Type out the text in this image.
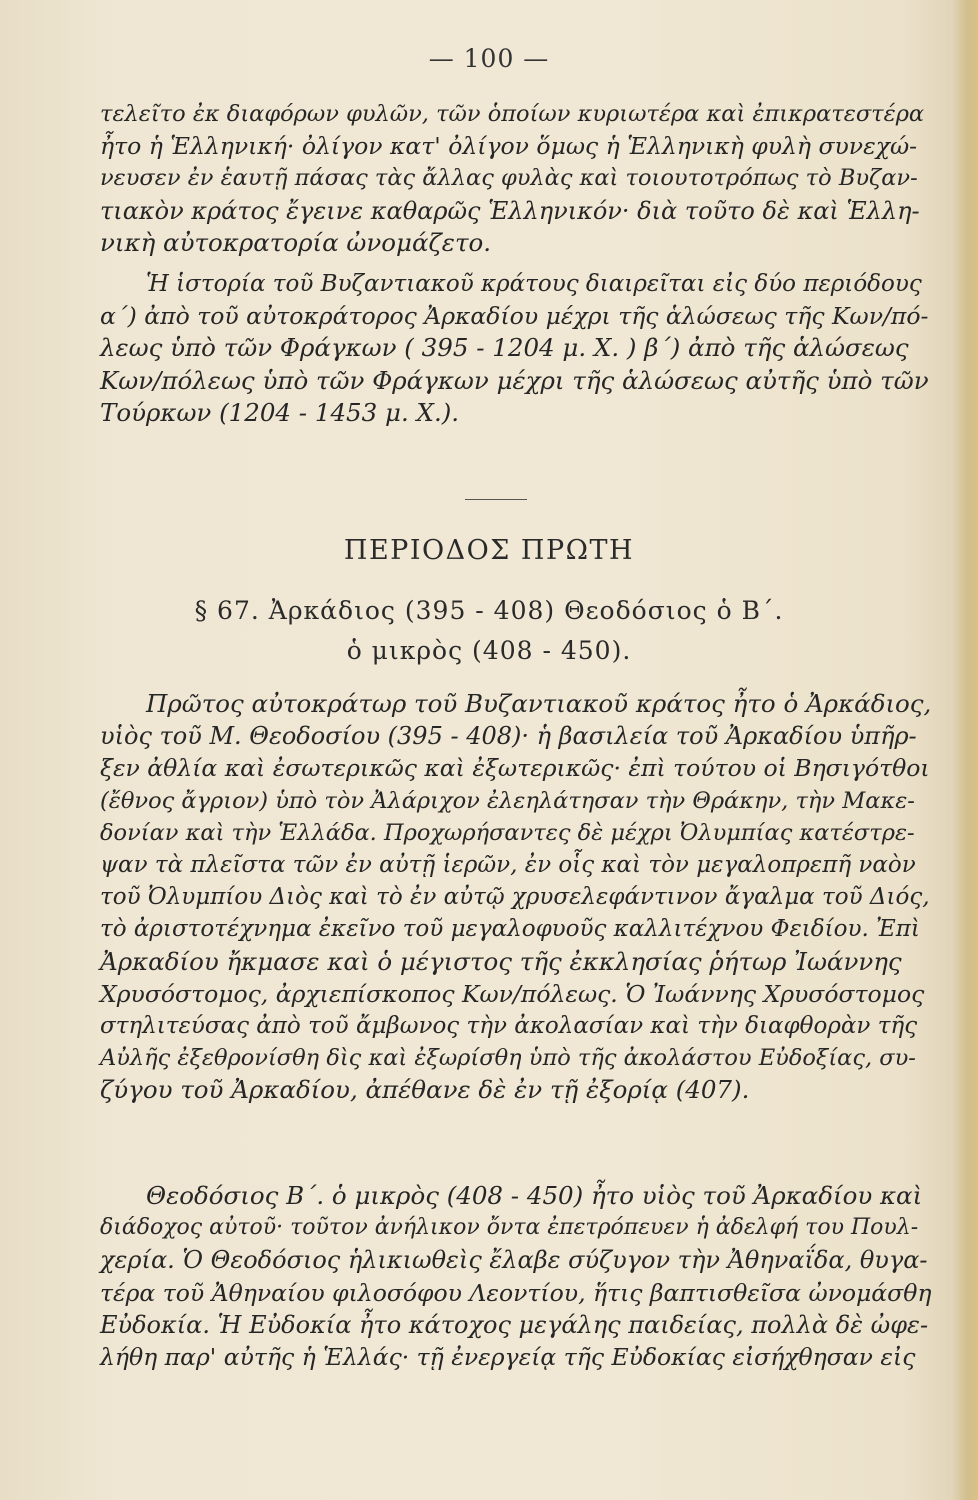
— 100 —
τελεῖτο ἐκ διαφόρων φυλῶν, τῶν ὁποίων κυριωτέρα καὶ ἐπικρατεστέρα
ἦτο ἡ Ἑλληνική· ὀλίγον κατ' ὀλίγον ὅμως ἡ Ἑλληνικὴ φυλὴ συνεχώ-
νευσεν ἐν ἑαυτῇ πάσας τὰς ἄλλας φυλὰς καὶ τοιουτοτρόπως τὸ Βυζαν-
τιακὸν κράτος ἔγεινε καθαρῶς Ἑλληνικόν· διὰ τοῦτο δὲ καὶ Ἑλλη-
νικὴ αὐτοκρατορία ὠνομάζετο.
Ἡ ἱστορία τοῦ Βυζαντιακοῦ κράτους διαιρεῖται εἰς δύο περιόδους
α΄) ἀπὸ τοῦ αὐτοκράτορος Ἀρκαδίου μέχρι τῆς ἁλώσεως τῆς Κων/πό-
λεως ὑπὸ τῶν Φράγκων ( 395 - 1204 μ. Χ. ) β΄) ἀπὸ τῆς ἁλώσεως
Κων/πόλεως ὑπὸ τῶν Φράγκων μέχρι τῆς ἁλώσεως αὐτῆς ὑπὸ τῶν
Τούρκων (1204 - 1453 μ. Χ.).
ΠΕΡΙΟΔΟΣ ΠΡΩΤΗ
§ 67. Ἀρκάδιος (395 - 408) Θεοδόσιος ὁ Β΄.
ὁ μικρὸς (408 - 450).
Πρῶτος αὐτοκράτωρ τοῦ Βυζαντιακοῦ κράτος ἦτο ὁ Ἀρκάδιος,
υἱὸς τοῦ Μ. Θεοδοσίου (395 - 408)· ἡ βασιλεία τοῦ Ἀρκαδίου ὑπῆρ-
ξεν ἀθλία καὶ ἐσωτερικῶς καὶ ἐξωτερικῶς· ἐπὶ τούτου οἱ Βησιγότθοι
(ἔθνος ἄγριον) ὑπὸ τὸν Ἀλάριχον ἐλεηλάτησαν τὴν Θράκην, τὴν Μακε-
δονίαν καὶ τὴν Ἑλλάδα. Προχωρήσαντες δὲ μέχρι Ὀλυμπίας κατέστρε-
ψαν τὰ πλεῖστα τῶν ἐν αὐτῇ ἱερῶν, ἐν οἷς καὶ τὸν μεγαλοπρεπῆ ναὸν
τοῦ Ὀλυμπίου Διὸς καὶ τὸ ἐν αὐτῷ χρυσελεφάντινον ἄγαλμα τοῦ Διός,
τὸ ἀριστοτέχνημα ἐκεῖνο τοῦ μεγαλοφυοῦς καλλιτέχνου Φειδίου. Ἐπὶ
Ἀρκαδίου ἤκμασε καὶ ὁ μέγιστος τῆς ἐκκλησίας ῥήτωρ Ἰωάννης
Χρυσόστομος, ἀρχιεπίσκοπος Κων/πόλεως. Ὁ Ἰωάννης Χρυσόστομος
στηλιτεύσας ἀπὸ τοῦ ἄμβωνος τὴν ἀκολασίαν καὶ τὴν διαφθορὰν τῆς
Αὐλῆς ἐξεθρονίσθη δὶς καὶ ἐξωρίσθη ὑπὸ τῆς ἀκολάστου Εὐδοξίας, συ-
ζύγου τοῦ Ἀρκαδίου, ἀπέθανε δὲ ἐν τῇ ἐξορίᾳ (407).
Θεοδόσιος Β΄. ὁ μικρὸς (408 - 450) ἦτο υἱὸς τοῦ Ἀρκαδίου καὶ
διάδοχος αὐτοῦ· τοῦτον ἀνήλικον ὄντα ἐπετρόπευεν ἡ ἀδελφή του Πουλ-
χερία. Ὁ Θεοδόσιος ἡλικιωθεὶς ἔλαβε σύζυγον τὴν Ἀθηναΐδα, θυγα-
τέρα τοῦ Ἀθηναίου φιλοσόφου Λεοντίου, ἥτις βαπτισθεῖσα ὠνομάσθη
Εὐδοκία. Ἡ Εὐδοκία ἦτο κάτοχος μεγάλης παιδείας, πολλὰ δὲ ὠφε-
λήθη παρ' αὐτῆς ἡ Ἑλλάς· τῇ ἐνεργείᾳ τῆς Εὐδοκίας εἰσήχθησαν εἰς
